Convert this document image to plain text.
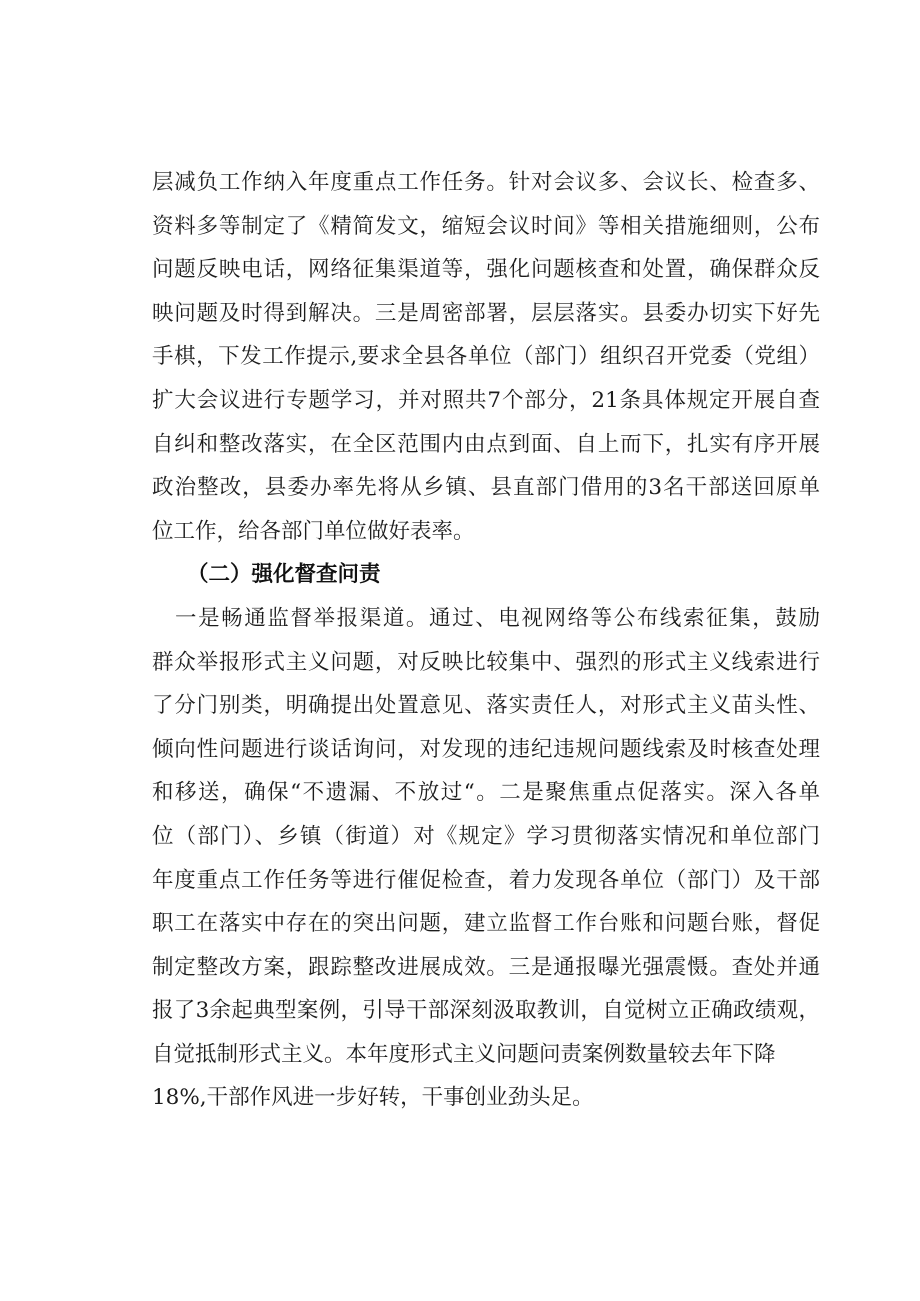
层减负工作纳入年度重点工作任务。针对会议多、会议长、检查多、
资料多等制定了《精简发文，缩短会议时间》等相关措施细则，公布
问题反映电话，网络征集渠道等，强化问题核查和处置，确保群众反
映问题及时得到解决。三是周密部署，层层落实。县委办切实下好先
手棋，下发工作提示,要求全县各单位（部门）组织召开党委（党组）
扩大会议进行专题学习，并对照共7个部分，21条具体规定开展自查
自纠和整改落实，在全区范围内由点到面、自上而下，扎实有序开展
政治整改，县委办率先将从乡镇、县直部门借用的3名干部送回原单
位工作，给各部门单位做好表率。
（二）强化督查问责
一是畅通监督举报渠道。通过、电视网络等公布线索征集，鼓励
群众举报形式主义问题，对反映比较集中、强烈的形式主义线索进行
了分门别类，明确提出处置意见、落实责任人，对形式主义苗头性、
倾向性问题进行谈话询问，对发现的违纪违规问题线索及时核查处理
和移送，确保“不遗漏、不放过“。二是聚焦重点促落实。深入各单
位（部门）、乡镇（街道）对《规定》学习贯彻落实情况和单位部门
年度重点工作任务等进行催促检查，着力发现各单位（部门）及干部
职工在落实中存在的突出问题，建立监督工作台账和问题台账，督促
制定整改方案，跟踪整改进展成效。三是通报曝光强震慑。查处并通
报了3余起典型案例，引导干部深刻汲取教训，自觉树立正确政绩观，
自觉抵制形式主义。本年度形式主义问题问责案例数量较去年下降
18%,干部作风进一步好转，干事创业劲头足。
